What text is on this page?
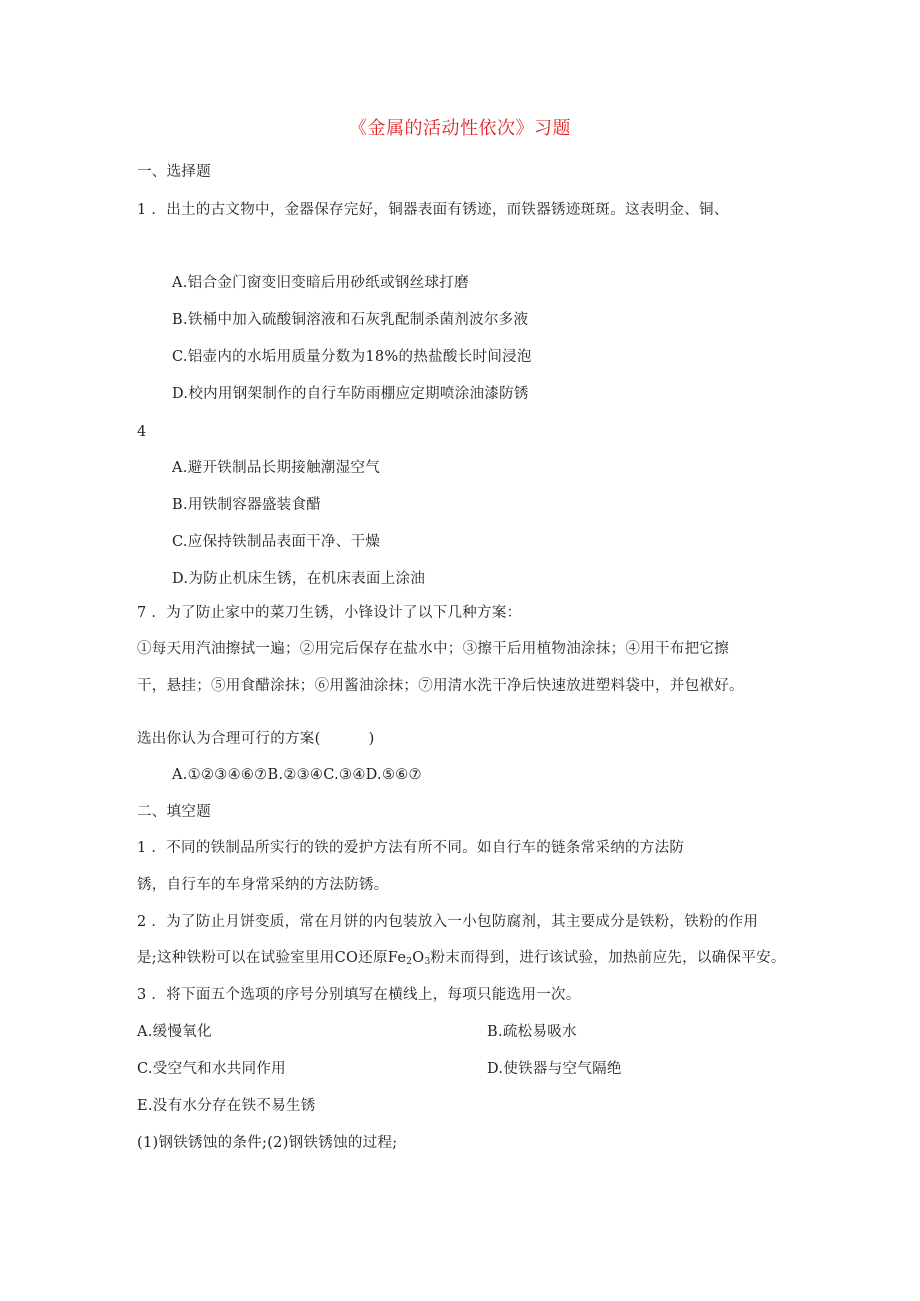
《金属的活动性依次》习题
一、选择题
1 ．出土的古文物中，金器保存完好，铜器表面有锈迹，而铁器锈迹斑斑。这表明金、铜、
A.铝合金门窗变旧变暗后用砂纸或钢丝球打磨
B.铁桶中加入硫酸铜溶液和石灰乳配制杀菌剂波尔多液
C.铝壶内的水垢用质量分数为18%的热盐酸长时间浸泡
D.校内用钢架制作的自行车防雨棚应定期喷涂油漆防锈
4
A.避开铁制品长期接触潮湿空气
B.用铁制容器盛装食醋
C.应保持铁制品表面干净、干燥
D.为防止机床生锈，在机床表面上涂油
7 ．为了防止家中的菜刀生锈，小锋设计了以下几种方案：
①每天用汽油擦拭一遍；②用完后保存在盐水中；③擦干后用植物油涂抹；④用干布把它擦
干，悬挂；⑤用食醋涂抹；⑥用酱油涂抹；⑦用清水洗干净后快速放进塑料袋中，并包袱好。
选出你认为合理可行的方案(	)
A.①②③④⑥⑦B.②③④C.③④D.⑤⑥⑦
二、填空题
1 ．不同的铁制品所实行的铁的爱护方法有所不同。如自行车的链条常采纳的方法防
锈，自行车的车身常采纳的方法防锈。
2 ．为了防止月饼变质，常在月饼的内包装放入一小包防腐剂，其主要成分是铁粉，铁粉的作用
是;这种铁粉可以在试验室里用CO还原$Fe_2O_3$粉末而得到，进行该试验，加热前应先，以确保平安。
3 ．将下面五个选项的序号分别填写在横线上，每项只能选用一次。
A.缓慢氧化	B.疏松易吸水
C.受空气和水共同作用	D.使铁器与空气隔绝
E.没有水分存在铁不易生锈
(1)钢铁锈蚀的条件;(2)钢铁锈蚀的过程;
